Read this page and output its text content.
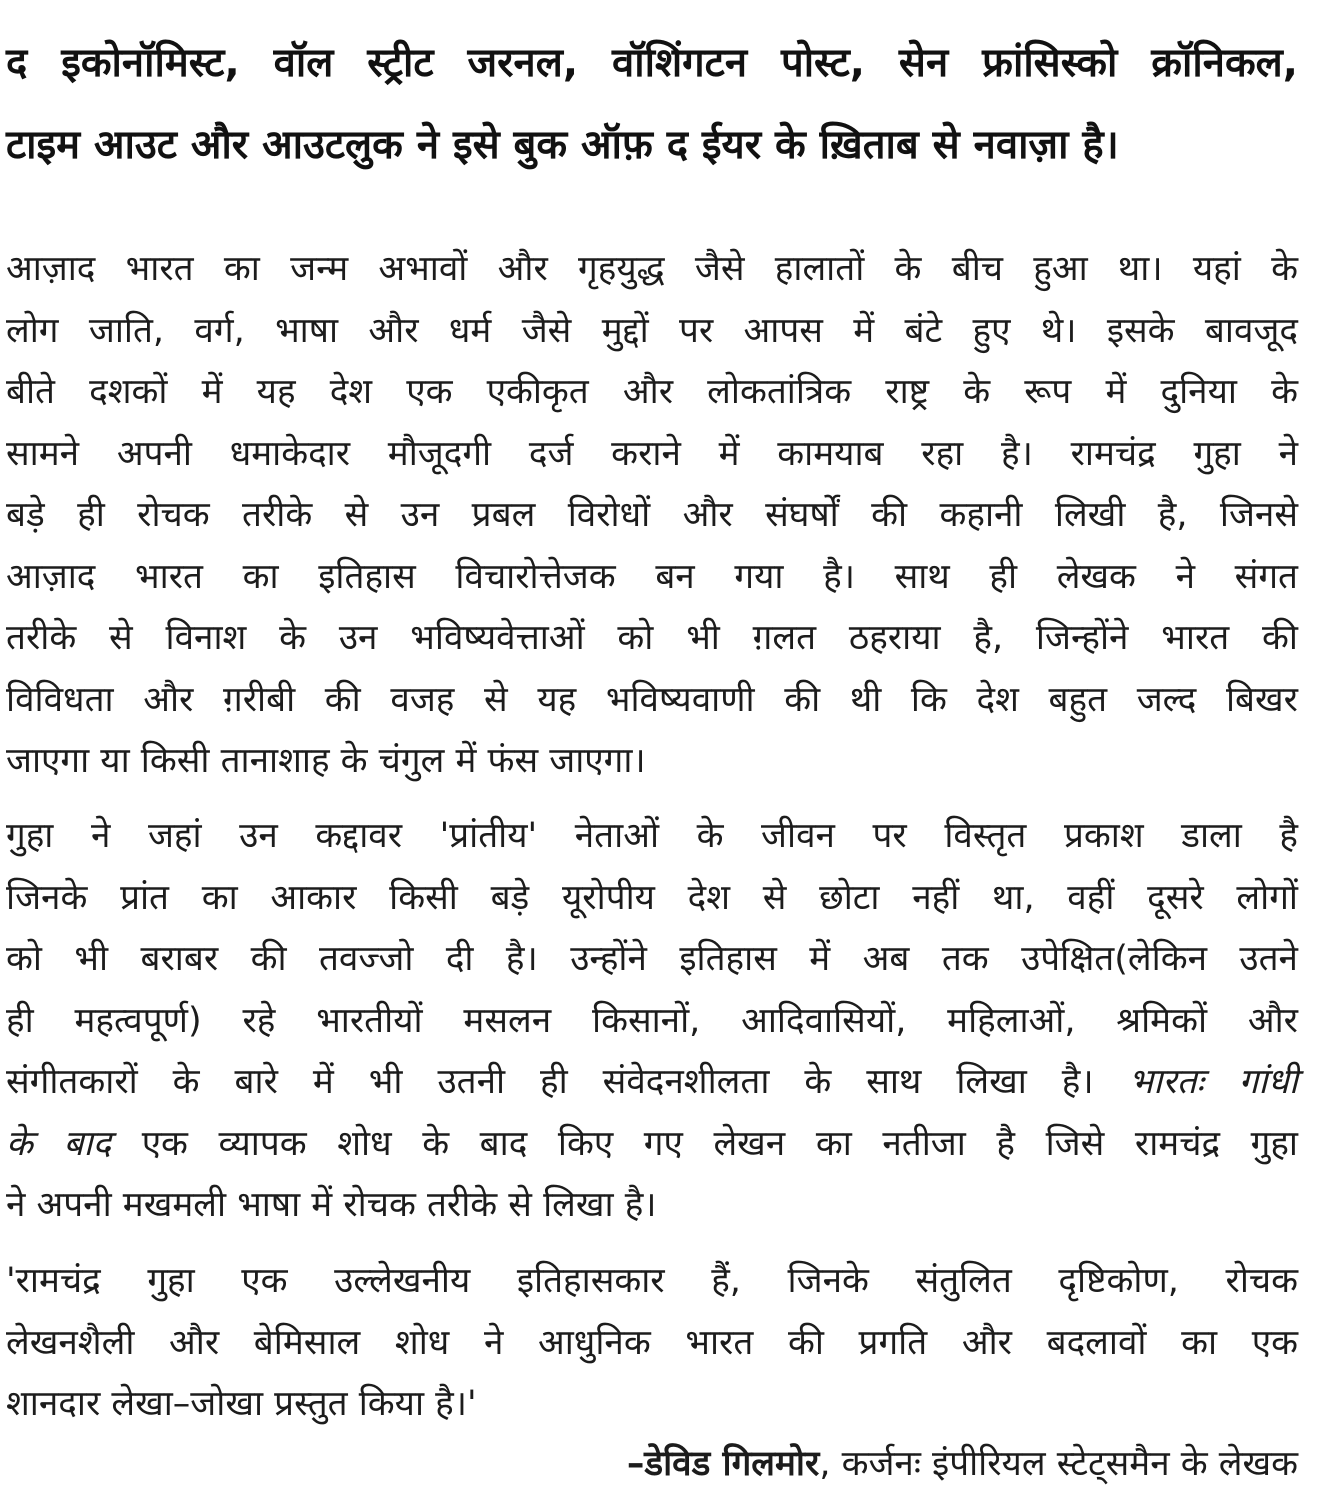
द इकोनॉमिस्ट, वॉल स्ट्रीट जरनल, वॉशिंगटन पोस्ट, सेन फ्रांसिस्को क्रॉनिकल,
टाइम आउट और आउटलुक ने इसे बुक ऑफ़ द ईयर के ख़िताब से नवाज़ा है।
आज़ाद भारत का जन्म अभावों और गृहयुद्ध जैसे हालातों के बीच हुआ था। यहां के
लोग जाति, वर्ग, भाषा और धर्म जैसे मुद्दों पर आपस में बंटे हुए थे। इसके बावजूद
बीते दशकों में यह देश एक एकीकृत और लोकतांत्रिक राष्ट्र के रूप में दुनिया के
सामने अपनी धमाकेदार मौजूदगी दर्ज कराने में कामयाब रहा है। रामचंद्र गुहा ने
बड़े ही रोचक तरीके से उन प्रबल विरोधों और संघर्षों की कहानी लिखी है, जिनसे
आज़ाद भारत का इतिहास विचारोत्तेजक बन गया है। साथ ही लेखक ने संगत
तरीके से विनाश के उन भविष्यवेत्ताओं को भी ग़लत ठहराया है, जिन्होंने भारत की
विविधता और ग़रीबी की वजह से यह भविष्यवाणी की थी कि देश बहुत जल्द बिखर
जाएगा या किसी तानाशाह के चंगुल में फंस जाएगा।
गुहा ने जहां उन कद्दावर 'प्रांतीय' नेताओं के जीवन पर विस्तृत प्रकाश डाला है
जिनके प्रांत का आकार किसी बड़े यूरोपीय देश से छोटा नहीं था, वहीं दूसरे लोगों
को भी बराबर की तवज्जो दी है। उन्होंने इतिहास में अब तक उपेक्षित(लेकिन उतने
ही महत्वपूर्ण) रहे भारतीयों मसलन किसानों, आदिवासियों, महिलाओं, श्रमिकों और
संगीतकारों के बारे में भी उतनी ही संवेदनशीलता के साथ लिखा है। भारतः गांधी
के बाद एक व्यापक शोध के बाद किए गए लेखन का नतीजा है जिसे रामचंद्र गुहा
ने अपनी मखमली भाषा में रोचक तरीके से लिखा है।
'रामचंद्र गुहा एक उल्लेखनीय इतिहासकार हैं, जिनके संतुलित दृष्टिकोण, रोचक
लेखनशैली और बेमिसाल शोध ने आधुनिक भारत की प्रगति और बदलावों का एक
शानदार लेखा–जोखा प्रस्तुत किया है।'
–डेविड गिलमोर, कर्जनः इंपीरियल स्टेट्समैन के लेखक
